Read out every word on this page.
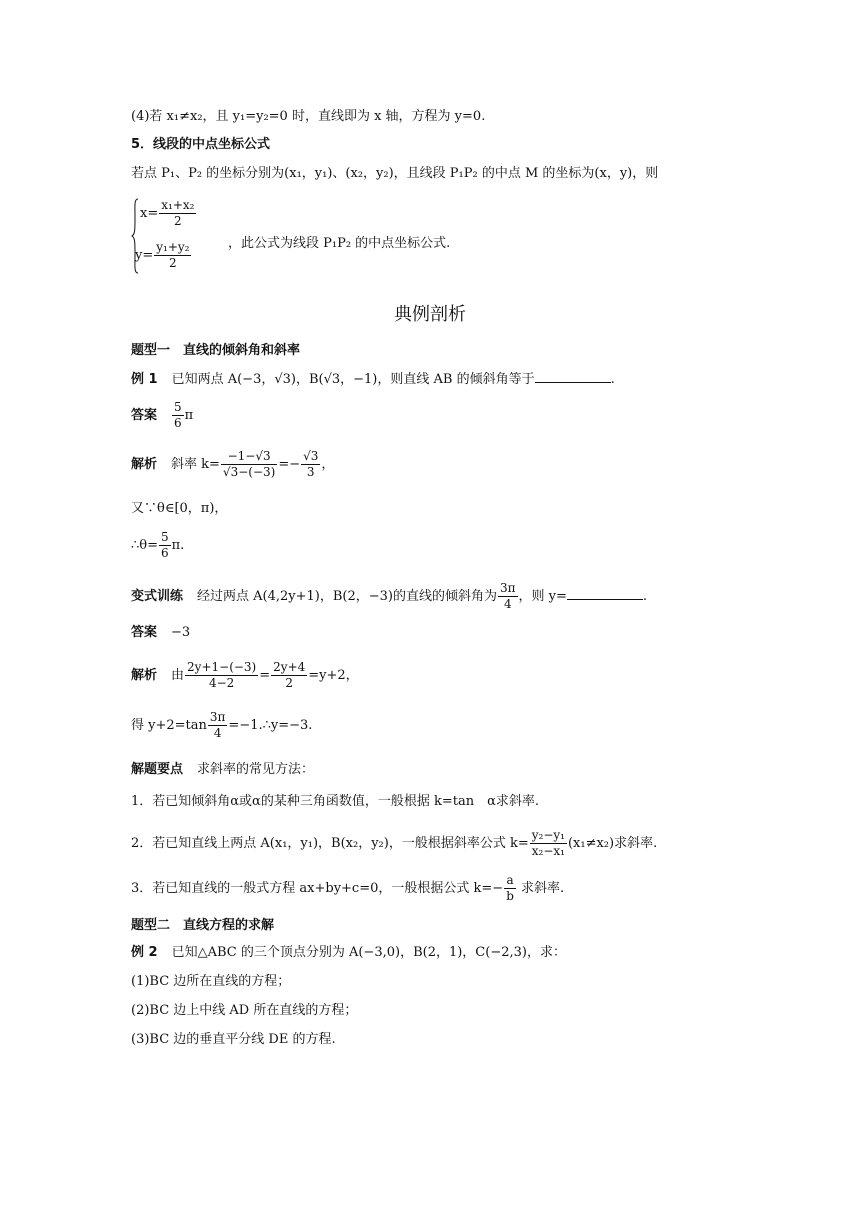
(4)若 x₁≠x₂，且 y₁=y₂=0 时，直线即为 x 轴，方程为 y=0.
5．线段的中点坐标公式
若点 P₁、P₂ 的坐标分别为(x₁，y₁)、(x₂，y₂)，且线段 P₁P₂ 的中点 M 的坐标为(x，y)，则
$x= \frac{\text{x₁+x₂}}{2}$
$y= \frac{\text{y₁+y₂}}{2}$	，此公式为线段 P₁P₂ 的中点坐标公式.
典例剖析
题型一　直线的倾斜角和斜率
例 1 已知两点 A(−3，√3)，B(√3，−1)，则直线 AB 的倾斜角等于	.
答案 $\frac{5}{6}$ π
解析 斜率 $k= \frac{-1-√3}{√3-(-3)} =- \frac{√3}{3}$ ，
又∵θ∈[0，π)，
∴θ= $\frac{5}{6} \pi$.
变式训练 经过两点 A(4,2y+1)，B(2，−3)的直线的倾斜角为 $\frac{3\pi}{4}$ ，则 y=	.
答案 −3
解析 由 $\frac{2y+1-(-3)}{4-2} = \frac{2y+4}{2} =y+2$，
得 $y+2=\tan \frac{3\pi}{4}$ =−1.∴y=−3.
解题要点 求斜率的常见方法：
1．若已知倾斜角α或α的某种三角函数值，一般根据 k=tan　α求斜率.
2．若已知直线上两点 A(x₁，y₁)，B(x₂，y₂)，一般根据斜率公式 $k= \frac{\text{y₂−y₁}}{\text{x₂−x₁}} (x_1\ne x_2)$求斜率.
3．若已知直线的一般式方程 ax+by+c=0，一般根据公式 $k=- \frac{a}{b}$ 求斜率.
题型二　直线方程的求解
例 2 已知△ABC 的三个顶点分别为 A(−3,0)，B(2，1)，C(−2,3)，求：
(1)BC 边所在直线的方程；
(2)BC 边上中线 AD 所在直线的方程；
(3)BC 边的垂直平分线 DE 的方程.
